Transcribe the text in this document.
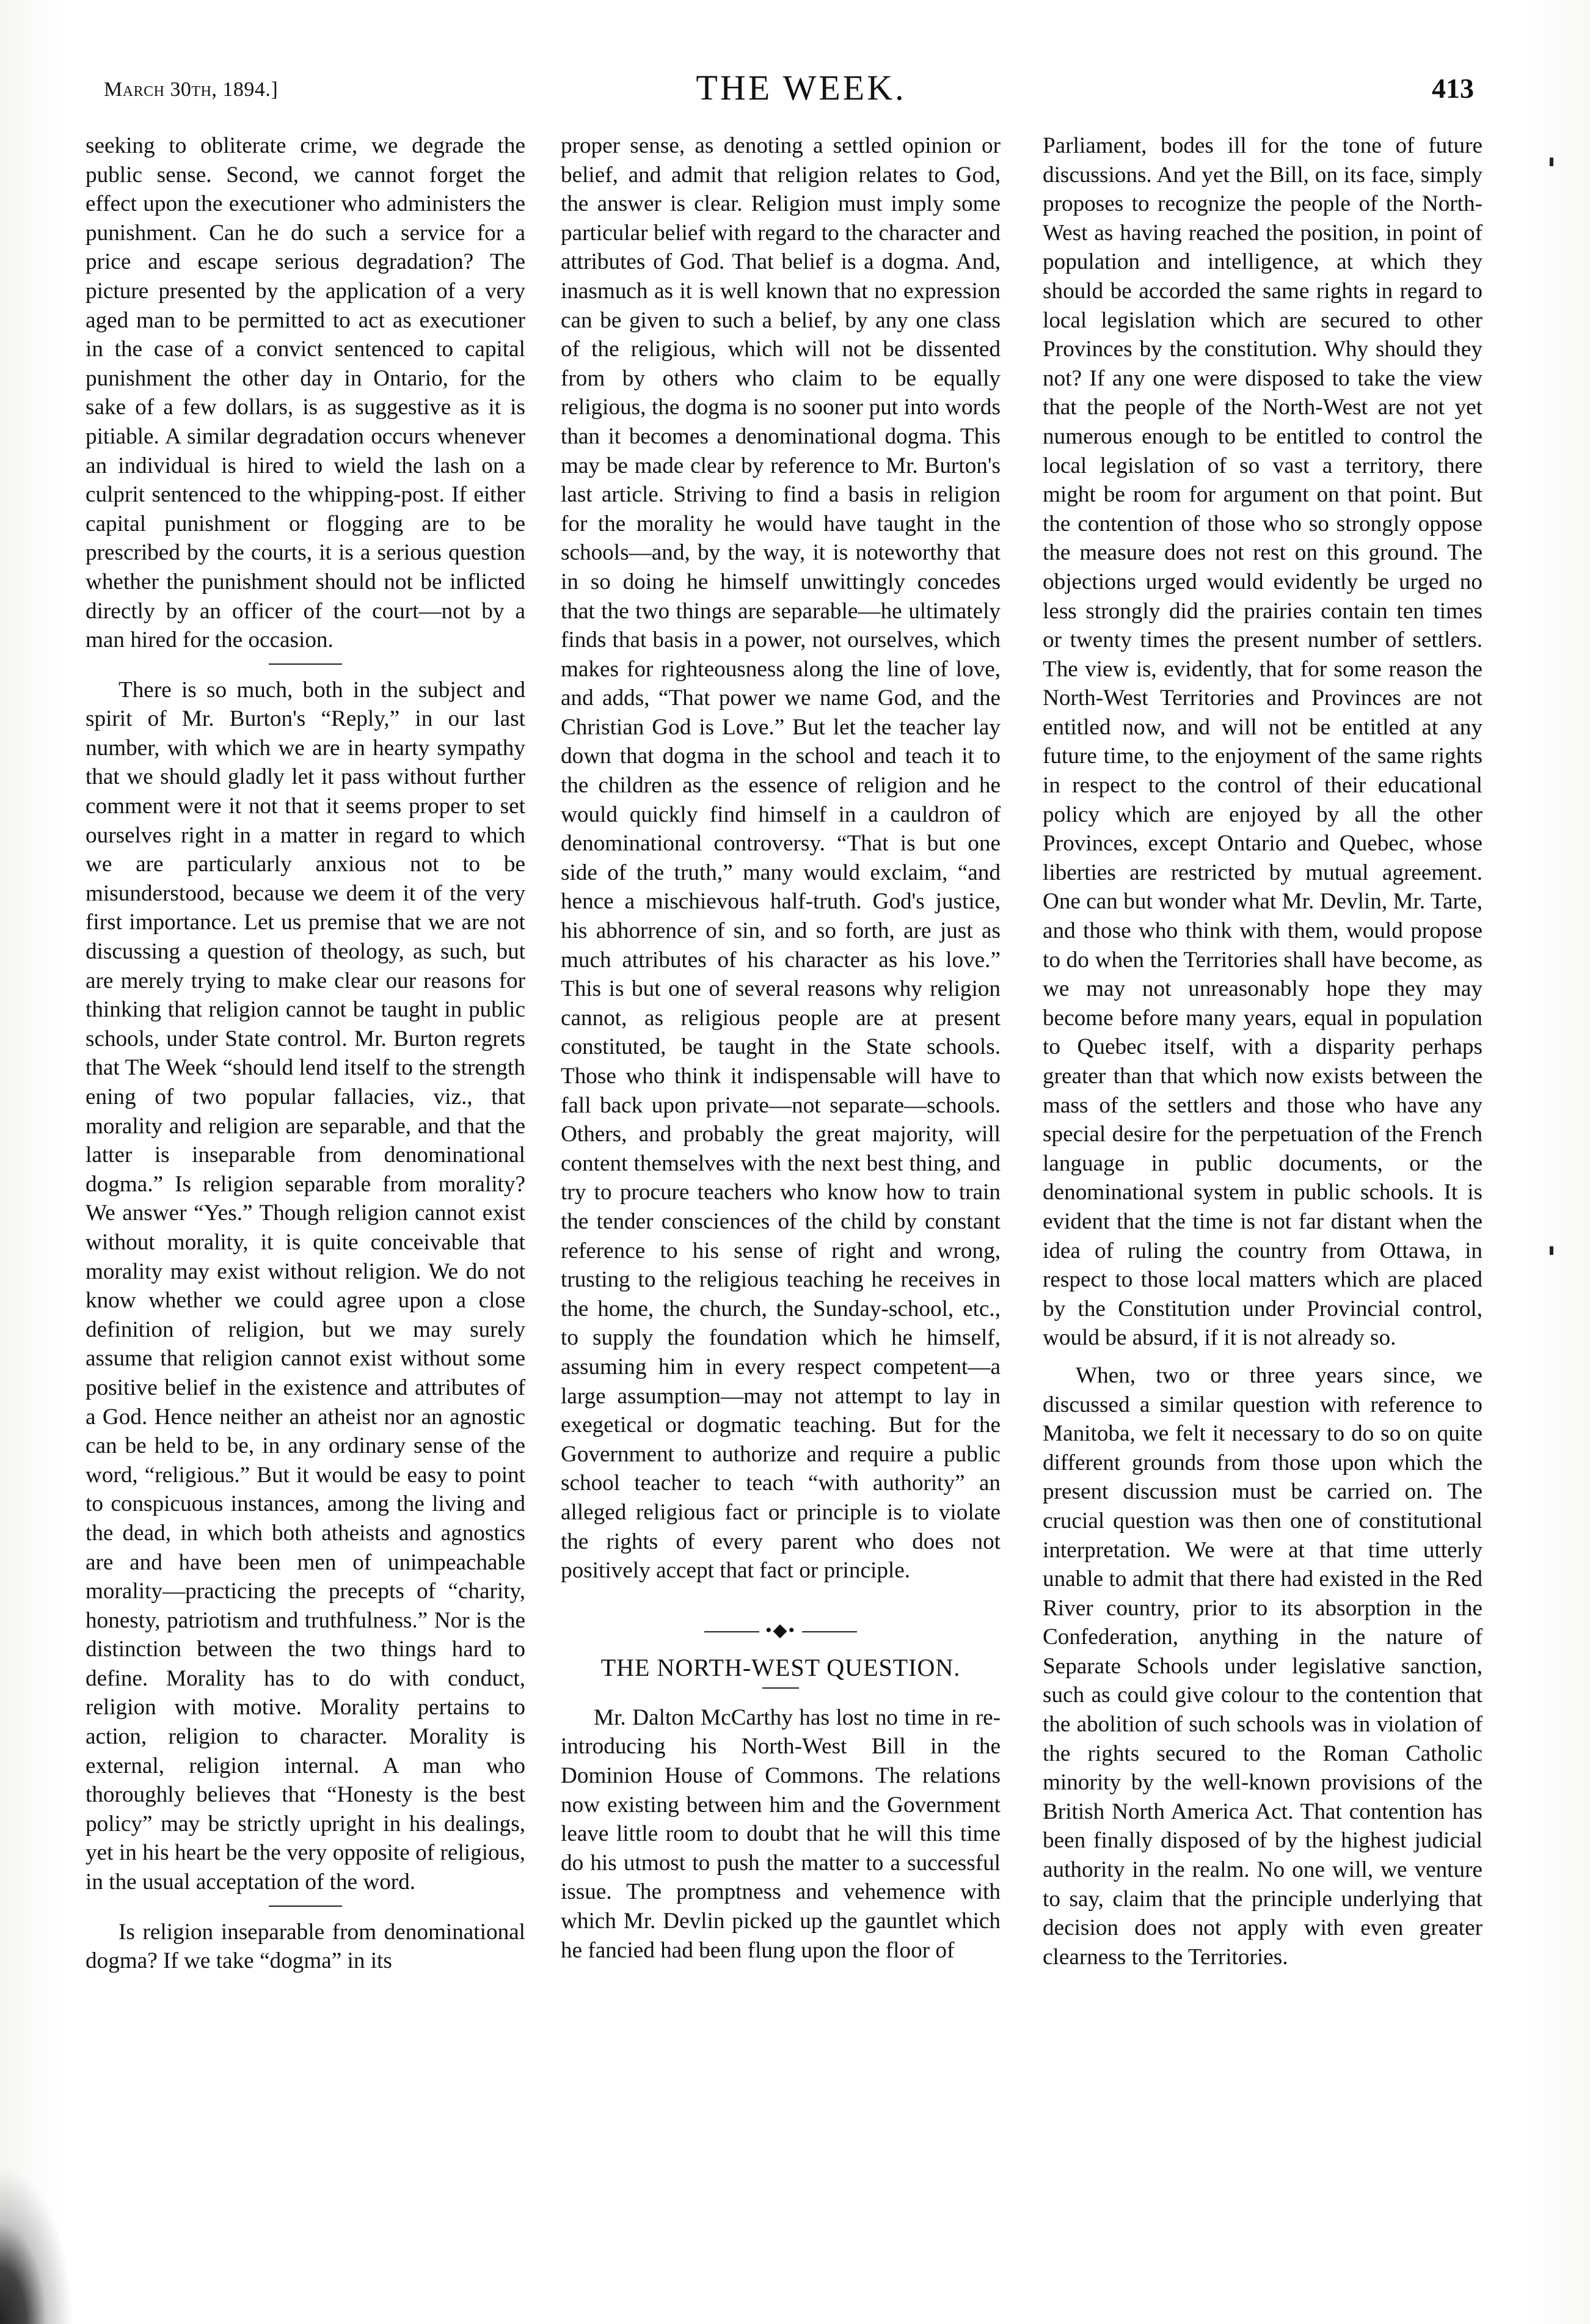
March 30th, 1894.]	THE WEEK.	413

seeking to obliterate crime, we degrade the public sense. Second, we cannot forget the effect upon the executioner who administers the punishment. Can he do such a service for a price and escape serious degradation? The picture presented by the application of a very aged man to be permitted to act as executioner in the case of a convict sentenced to capital punishment the other day in Ontario, for the sake of a few dollars, is as suggestive as it is pitiable. A similar degradation occurs whenever an individual is hired to wield the lash on a culprit sentenced to the whipping-post. If either capital punishment or flogging are to be prescribed by the courts, it is a serious question whether the punishment should not be inflicted directly by an officer of the court—not by a man hired for the occasion.

There is so much, both in the subject and spirit of Mr. Burton's “Reply,” in our last number, with which we are in hearty sympathy that we should gladly let it pass without further comment were it not that it seems proper to set ourselves right in a matter in regard to which we are particularly anxious not to be misunderstood, because we deem it of the very first importance. Let us premise that we are not discussing a question of theology, as such, but are merely trying to make clear our reasons for thinking that religion cannot be taught in public schools, under State control. Mr. Burton regrets that The Week “should lend itself to the strength ening of two popular fallacies, viz., that morality and religion are separable, and that the latter is inseparable from denominational dogma.” Is religion separable from morality? We answer “Yes.” Though religion cannot exist without morality, it is quite conceivable that morality may exist without religion. We do not know whether we could agree upon a close definition of religion, but we may surely assume that religion cannot exist without some positive belief in the existence and attributes of a God. Hence neither an atheist nor an agnostic can be held to be, in any ordinary sense of the word, “religious.” But it would be easy to point to conspicuous instances, among the living and the dead, in which both atheists and agnostics are and have been men of unimpeachable morality—practicing the precepts of “charity, honesty, patriotism and truthfulness.” Nor is the distinction between the two things hard to define. Morality has to do with conduct, religion with motive. Morality pertains to action, religion to character. Morality is external, religion internal. A man who thoroughly believes that “Honesty is the best policy” may be strictly upright in his dealings, yet in his heart be the very opposite of religious, in the usual acceptation of the word.

Is religion inseparable from denominational dogma? If we take “dogma” in its

proper sense, as denoting a settled opinion or belief, and admit that religion relates to God, the answer is clear. Religion must imply some particular belief with regard to the character and attributes of God. That belief is a dogma. And, inasmuch as it is well known that no expression can be given to such a belief, by any one class of the religious, which will not be dissented from by others who claim to be equally religious, the dogma is no sooner put into words than it becomes a denominational dogma. This may be made clear by reference to Mr. Burton's last article. Striving to find a basis in religion for the morality he would have taught in the schools—and, by the way, it is noteworthy that in so doing he himself unwittingly concedes that the two things are separable—he ultimately finds that basis in a power, not ourselves, which makes for righteousness along the line of love, and adds, “That power we name God, and the Christian God is Love.” But let the teacher lay down that dogma in the school and teach it to the children as the essence of religion and he would quickly find himself in a cauldron of denominational controversy. “That is but one side of the truth,” many would exclaim, “and hence a mischievous half-truth. God's justice, his abhorrence of sin, and so forth, are just as much attributes of his character as his love.” This is but one of several reasons why religion cannot, as religious people are at present constituted, be taught in the State schools. Those who think it indispensable will have to fall back upon private—not separate—schools. Others, and probably the great majority, will content themselves with the next best thing, and try to procure teachers who know how to train the tender consciences of the child by constant reference to his sense of right and wrong, trusting to the religious teaching he receives in the home, the church, the Sunday-school, etc., to supply the foundation which he himself, assuming him in every respect competent—a large assumption—may not attempt to lay in exegetical or dogmatic teaching. But for the Government to authorize and require a public school teacher to teach “with authority” an alleged religious fact or principle is to violate the rights of every parent who does not positively accept that fact or principle.

•◆•
THE NORTH-WEST QUESTION.

Mr. Dalton McCarthy has lost no time in re-introducing his North-West Bill in the Dominion House of Commons. The relations now existing between him and the Government leave little room to doubt that he will this time do his utmost to push the matter to a successful issue. The promptness and vehemence with which Mr. Devlin picked up the gauntlet which he fancied had been flung upon the floor of

Parliament, bodes ill for the tone of future discussions. And yet the Bill, on its face, simply proposes to recognize the people of the North-West as having reached the position, in point of population and intelligence, at which they should be accorded the same rights in regard to local legislation which are secured to other Provinces by the constitution. Why should they not? If any one were disposed to take the view that the people of the North-West are not yet numerous enough to be entitled to control the local legislation of so vast a territory, there might be room for argument on that point. But the contention of those who so strongly oppose the measure does not rest on this ground. The objections urged would evidently be urged no less strongly did the prairies contain ten times or twenty times the present number of settlers. The view is, evidently, that for some reason the North-West Territories and Provinces are not entitled now, and will not be entitled at any future time, to the enjoyment of the same rights in respect to the control of their educational policy which are enjoyed by all the other Provinces, except Ontario and Quebec, whose liberties are restricted by mutual agreement. One can but wonder what Mr. Devlin, Mr. Tarte, and those who think with them, would propose to do when the Territories shall have become, as we may not unreasonably hope they may become before many years, equal in population to Quebec itself, with a disparity perhaps greater than that which now exists between the mass of the settlers and those who have any special desire for the perpetuation of the French language in public documents, or the denominational system in public schools. It is evident that the time is not far distant when the idea of ruling the country from Ottawa, in respect to those local matters which are placed by the Constitution under Provincial control, would be absurd, if it is not already so.

When, two or three years since, we discussed a similar question with reference to Manitoba, we felt it necessary to do so on quite different grounds from those upon which the present discussion must be carried on. The crucial question was then one of constitutional interpretation. We were at that time utterly unable to admit that there had existed in the Red River country, prior to its absorption in the Confederation, anything in the nature of Separate Schools under legislative sanction, such as could give colour to the contention that the abolition of such schools was in violation of the rights secured to the Roman Catholic minority by the well-known provisions of the British North America Act. That contention has been finally disposed of by the highest judicial authority in the realm. No one will, we venture to say, claim that the principle underlying that decision does not apply with even greater clearness to the Territories.
